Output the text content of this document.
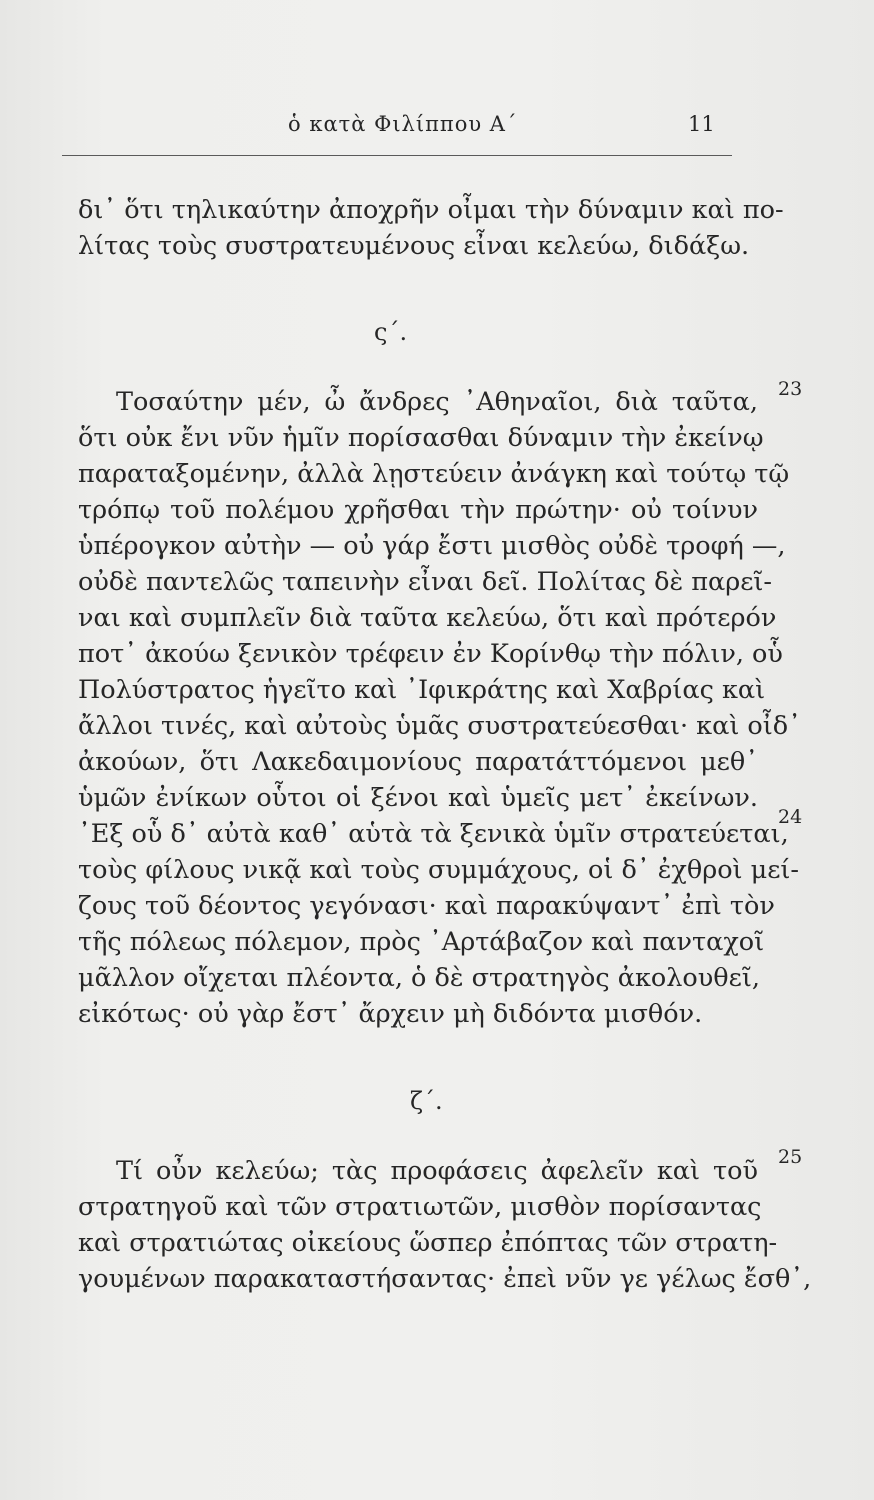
ὁ κατὰ Φιλίππου Α΄	11
δι᾽ ὅτι τηλικαύτην ἀποχρῆν οἶμαι τὴν δύναμιν καὶ πο-
λίτας τοὺς συστρατευμένους εἶναι κελεύω, διδάξω.
ς΄.
Τοσαύτην μέν, ὦ ἄνδρες ᾽Αθηναῖοι, διὰ ταῦτα,
ὅτι οὐκ ἔνι νῦν ἡμῖν πορίσασθαι δύναμιν τὴν ἐκείνῳ
παραταξομένην, ἀλλὰ λῃστεύειν ἀνάγκη καὶ τούτῳ τῷ
τρόπῳ τοῦ πολέμου χρῆσθαι τὴν πρώτην· οὐ τοίνυν
ὑπέρογκον αὐτὴν — οὐ γάρ ἔστι μισθὸς οὐδὲ τροφή —,
οὐδὲ παντελῶς ταπεινὴν εἶναι δεῖ. Πολίτας δὲ παρεῖ-
ναι καὶ συμπλεῖν διὰ ταῦτα κελεύω, ὅτι καὶ πρότερόν
ποτ᾽ ἀκούω ξενικὸν τρέφειν ἐν Κορίνθῳ τὴν πόλιν, οὗ
Πολύστρατος ἡγεῖτο καὶ ᾽Ιφικράτης καὶ Χαβρίας καὶ
ἄλλοι τινές, καὶ αὐτοὺς ὑμᾶς συστρατεύεσθαι· καὶ οἶδ᾽
ἀκούων, ὅτι Λακεδαιμονίους παρατάττόμενοι μεθ᾽
ὑμῶν ἐνίκων οὗτοι οἱ ξένοι καὶ ὑμεῖς μετ᾽ ἐκείνων.
᾽Εξ οὗ δ᾽ αὐτὰ καθ᾽ αὑτὰ τὰ ξενικὰ ὑμῖν στρατεύεται,
τοὺς φίλους νικᾷ καὶ τοὺς συμμάχους, οἱ δ᾽ ἐχθροὶ μεί-
ζους τοῦ δέοντος γεγόνασι· καὶ παρακύψαντ᾽ ἐπὶ τὸν
τῆς πόλεως πόλεμον, πρὸς ᾽Αρτάβαζον καὶ πανταχοῖ
μᾶλλον οἴχεται πλέοντα, ὁ δὲ στρατηγὸς ἀκολουθεῖ,
εἰκότως· οὐ γὰρ ἔστ᾽ ἄρχειν μὴ διδόντα μισθόν.
ζ΄.
Τί οὖν κελεύω; τὰς προφάσεις ἀφελεῖν καὶ τοῦ
στρατηγοῦ καὶ τῶν στρατιωτῶν, μισθὸν πορίσαντας
καὶ στρατιώτας οἰκείους ὥσπερ ἐπόπτας τῶν στρατη-
γουμένων παρακαταστήσαντας· ἐπεὶ νῦν γε γέλως ἔσθ᾽,
23
24
25
